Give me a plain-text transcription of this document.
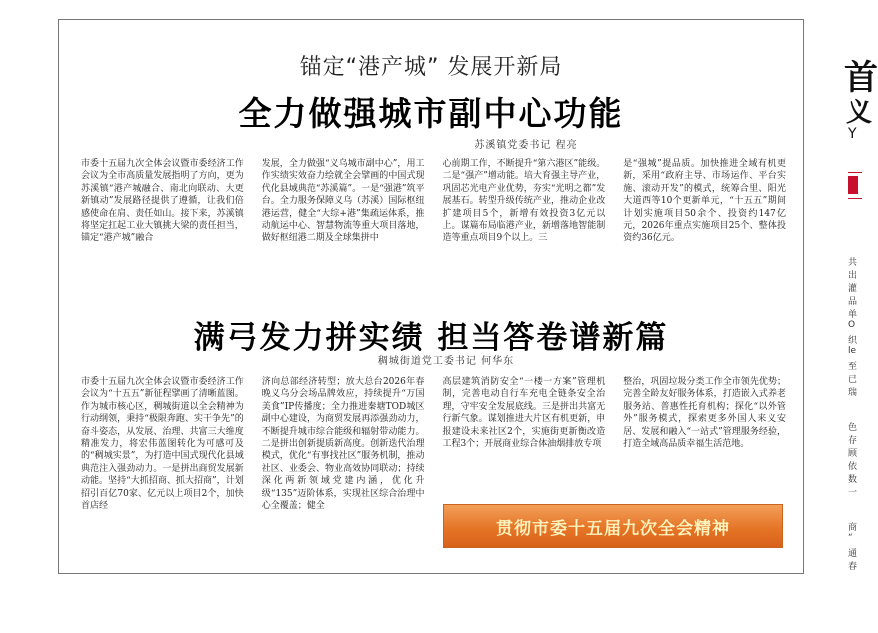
锚定“港产城” 发展开新局
全力做强城市副中心功能
苏溪镇党委书记 程亮
市委十五届九次全体会议暨市委经济工作会议为全市高质量发展指明了方向，更为苏溪镇“港产城融合、南北向联动、大更新镇动”发展路径提供了遵循，让我们倍感使命在肩、责任如山。接下来，苏溪镇将坚定扛起工业大镇挑大梁的责任担当，锚定“港产城”融合
发展，全力做强“义乌城市副中心”，用工作实绩实效奋力绘就全会擘画的中国式现代化县域典范“苏溪篇”。一是“强港”筑平台。全力服务保障义乌（苏溪）国际枢纽港运营，健全“大综+港”集疏运体系，推动航运中心、智慧物流等重大项目落地，做好枢纽港二期及全球集拼中
心前期工作，不断提升“第六港区”能级。二是“强产”增动能。培大育强主导产业，巩固芯光电产业优势，夯实“光明之都”发展基石。转型升级传统产业，推动企业改扩建项目5个，新增有效投资3亿元以上。谋篇布局临港产业，新增落地智能制造等重点项目9个以上。三
是“强城”提品质。加快推进全域有机更新，采用“政府主导、市场运作、平台实施、滚动开发”的模式，统筹合里、阳光大道西等10个更新单元，“十五五”期间计划实施项目50余个、投资约147亿元，2026年重点实施项目25个、整体投资约36亿元。
满弓发力拼实绩 担当答卷谱新篇
稠城街道党工委书记 何华东
市委十五届九次全体会议暨市委经济工作会议为“十五五”新征程擘画了清晰蓝图。作为城市核心区，稠城街道以全会精神为行动纲领，秉持“极限奔跑、实干争先”的奋斗姿态，从发展、治理、共富三大维度精准发力，将宏伟蓝图转化为可感可及的“稠城实景”，为打造中国式现代化县域典范注入强劲动力。一是拼出商贸发展新动能。坚持“大抓招商、抓大招商”，计划招引百亿70家、亿元以上项目2个，加快首店经
济向总部经济转型；放大总台2026年春晚义乌分会场品牌效应，持续提升“万国美食”IP传播度；全力推进秦塘TOD城区副中心建设，为商贸发展再添强劲动力，不断提升城市综合能级和辐射带动能力。二是拼出创新提质新高度。创新迭代治理模式，优化“有事找社区”服务机制，推动社区、业委会、物业高效协同联动；持续深化两新领域党建内涵，优化升级“135”迈阶体系，实现社区综合治理中心全覆盖；健全
高层建筑消防安全“一楼一方案”管理机制，完善电动自行车充电全链条安全治理，守牢安全发展底线。三是拼出共富无行新气象。谋划推进大片区有机更新，申报建设未来社区2个，实施街更新衡改造工程3个；开展商业综合体油烟排放专项
整治，巩固垃圾分类工作全市领先优势；完善全龄友好服务体系，打造嵌入式养老服务站、普惠性托育机构；探化“以外管外”服务模式，探索更多外国人来义安居、发展和融入“一站式”管理服务经验，打造全域高品质幸福生活范地。
贯彻市委十五届九次全会精神
首
义
Y
共
出
灌
品
单
O
织
le
至
已
瑞
色
存
顾
依
数
一
商
“
通
春
